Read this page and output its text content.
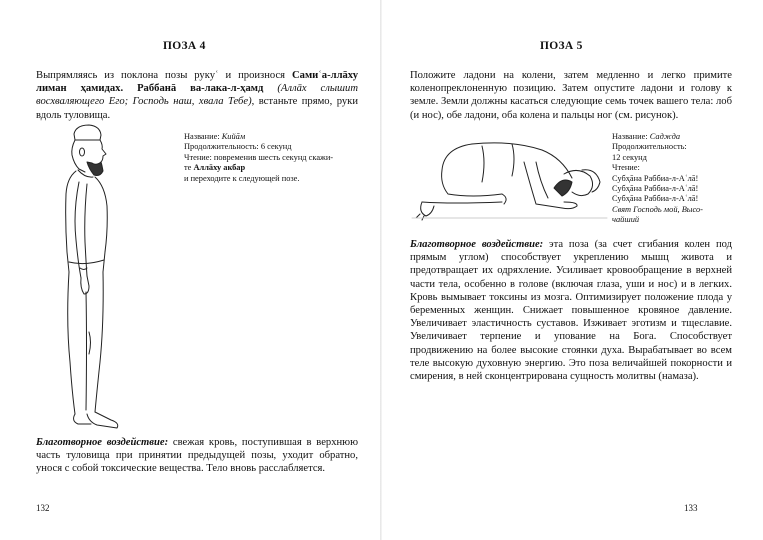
ПОЗА 4
Выпрямляясь из поклона позы рукуʿ и произнося Самиʿа-ллāху лиман ҳамидах. Раббанā ва-лака-л-ҳамд (Аллāх слышит восхваляющего Его; Господь наш, хвала Тебе), встаньте прямо, руки вдоль туловища.
Название: Кийāм
Продолжительность: 6 секунд
Чтение: повременив шесть секунд скажи-
те Аллāху акбар
и переходите к следующей позе.
Благотворное воздействие: свежая кровь, поступившая в верхнюю часть туловища при принятии предыдущей позы, уходит обратно, унося с собой токсические вещества. Тело вновь расслабляется.
132
ПОЗА 5
Положите ладони на колени, затем медленно и легко примите коленопреклоненную позицию. Затем опустите ладони и голову к земле. Земли должны касаться следующие семь точек вашего тела: лоб (и нос), обе ладони, оба колена и пальцы ног (см. рисунок).
Название: Саджда
Продолжительность:
12 секунд
Чтение:
Субҳāна Раббиа-л-Аʿлā!
Субҳāна Раббиа-л-Аʿлā!
Субҳāна Раббиа-л-Аʿлā!
Свят Господь мой, Высо-
чайший
Благотворное воздействие: эта поза (за счет сгибания колен под прямым углом) способствует укреплению мышц живота и предотвращает их одряхление. Усиливает кровообращение в верхней части тела, особенно в голове (включая глаза, уши и нос) и в легких. Кровь вымывает токсины из мозга. Оптимизирует положение плода у беременных женщин. Снижает повышенное кровяное давление. Увеличивает эластичность суставов. Изживает эготизм и тщеславие. Увеличивает терпение и упование на Бога. Способствует продвижению на более высокие стоянки духа. Вырабатывает во всем теле высокую духовную энергию. Это поза величайшей покорности и смирения, в ней сконцентрирована сущность молитвы (намаза).
133
